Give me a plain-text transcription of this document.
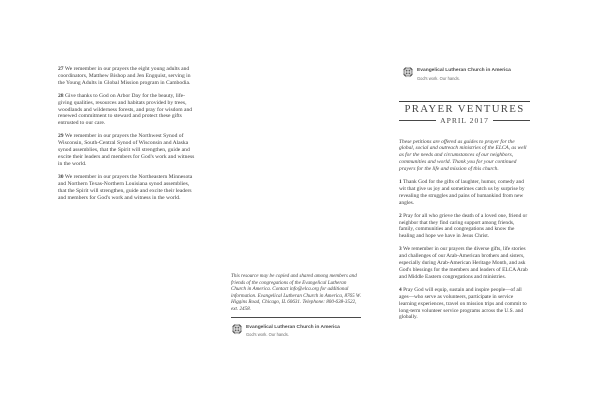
27 We remember in our prayers the eight young adults and coordinators, Matthew Bishop and Jen Engquist, serving in the Young Adults in Global Mission program in Cambodia.

28 Give thanks to God on Arbor Day for the beauty, life-giving qualities, resources and habitats provided by trees, woodlands and wilderness forests, and pray for wisdom and renewed commitment to steward and protect these gifts entrusted to our care.

29 We remember in our prayers the Northwest Synod of Wisconsin, South-Central Synod of Wisconsin and Alaska synod assemblies, that the Spirit will strengthen, guide and excite their leaders and members for God's work and witness in the world.

30 We remember in our prayers the Northeastern Minnesota and Northern Texas-Northern Louisiana synod assemblies, that the Spirit will strengthen, guide and excite their leaders and members for God's work and witness in the world.

This resource may be copied and shared among members and friends of the congregations of the Evangelical Lutheran Church in America. Contact info@elca.org for additional information. Evangelical Lutheran Church in America, 8765 W. Higgins Road, Chicago, IL 60631. Telephone: 800-638-3522, ext. 2458.

Evangelical Lutheran Church in America
God's work. Our hands.
Evangelical Lutheran Church in America
God's work. Our hands.
PRAYER VENTURES
APRIL 2017

These petitions are offered as guides to prayer for the global, social and outreach ministries of the ELCA, as well as for the needs and circumstances of our neighbors, communities and world. Thank you for your continued prayers for the life and mission of this church.

1 Thank God for the gifts of laughter, humor, comedy and wit that give us joy and sometimes catch us by surprise by revealing the struggles and pains of humankind from new angles.

2 Pray for all who grieve the death of a loved one, friend or neighbor that they find caring support among friends, family, communities and congregations and know the healing and hope we have in Jesus Christ.

3 We remember in our prayers the diverse gifts, life stories and challenges of our Arab-American brothers and sisters, especially during Arab-American Heritage Month, and ask God's blessings for the members and leaders of ELCA Arab and Middle Eastern congregations and ministries.

4 Pray God will equip, sustain and inspire people—of all ages—who serve as volunteers, participate in service learning experiences, travel on mission trips and commit to long-term volunteer service programs across the U.S. and globally.
